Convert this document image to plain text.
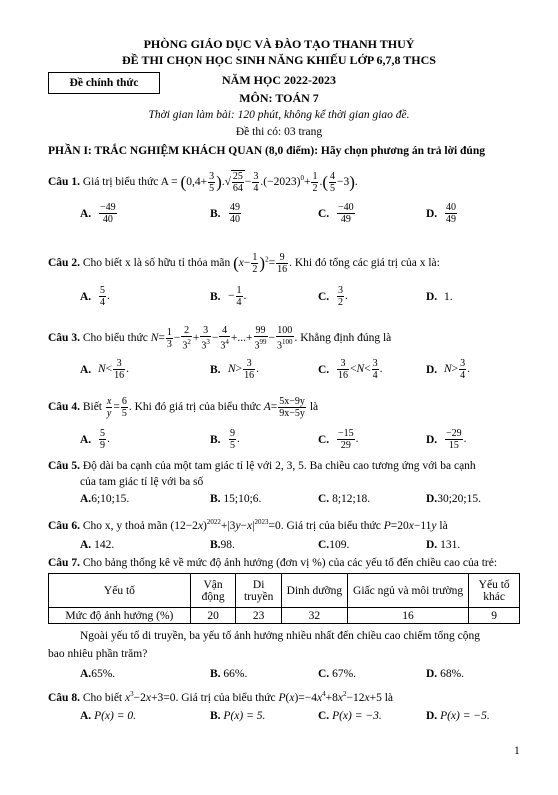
PHÒNG GIÁO DỤC VÀ ĐÀO TẠO THANH THUỶ
ĐỀ THI CHỌN HỌC SINH NĂNG KHIẾU LỚP 6,7,8 THCS
Đề chính thức	NĂM HỌC 2022-2023
MÔN: TOÁN 7
Thời gian làm bài: 120 phút, không kể thời gian giao đề.
Đề thi có: 03 trang
PHẦN I: TRẮC NGHIỆM KHÁCH QUAN (8,0 điểm): Hãy chọn phương án trả lời đúng
Câu 1. Giá trị biểu thức $A = (0,4+ \frac{3}{5}$ ).√ $\frac{25}{64} - \frac{3}{4} .(-2023)^0+ \frac{1}{2}$ .( $\frac{4}{5} -3$).
A. $\frac{-49}{40}$	B. $\frac{49}{40}$	C. $\frac{-40}{49}$	D. $\frac{40}{49}$
Câu 2. Cho biết x là số hữu tỉ thỏa mãn $(x- \frac{1}{2} )^2= \frac{9}{16}$ . Khi đó tổng các giá trị của x là:
A. $\frac{5}{4}$ .	B. − $\frac{1}{4}$ .	C. $\frac{3}{2}$ .	D. 1.
Câu 3. Cho biểu thức $N= \frac{1}{3} - \frac{2}{3^2} + \frac{3}{3^3} - \frac{4}{3^4}$ +...+ $\frac{99}{3^{99}} - \frac{100}{3^{100}}$ . Khẳng định đúng là
A. $N< \frac{3}{16}$ .	B. $N> \frac{3}{16}$ .	C. $\frac{3}{16} <N< \frac{3}{4}$ .	D. $N> \frac{3}{4}$ .
Câu 4. Biết $\frac{x}{y} = \frac{6}{5}$ . Khi đó giá trị của biểu thức $A= \frac{5x-9y}{9x-5y}$ là
A. $\frac{5}{9}$ .	B. $\frac{9}{5}$ .	C. $\frac{-15}{29}$ .	D. $\frac{-29}{15}$ .
Câu 5. Độ dài ba cạnh của một tam giác tỉ lệ với 2, 3, 5. Ba chiều cao tương ứng với ba cạnh
của tam giác tỉ lệ với ba số
A.6;10;15.	B. 15;10;6.	C. 8;12;18.	D.30;20;15.
Câu 6. Cho x, y thoả mãn $(12-2x)^{2022}+|3y-x|^{2023}=0$. Giá trị của biểu thức P=20x−11y là
A. 142.	B.98.	C.109.	D. 131.
Câu 7. Cho bảng thống kê về mức độ ảnh hưởng (đơn vị %) của các yếu tố đến chiều cao của trẻ:
Yếu tố	Vận động	Di truyền	Dinh dưỡng	Giấc ngủ và môi trường	Yếu tố khác
Mức độ ảnh hưởng (%)	20	23	32	16	9
Ngoài yếu tố di truyền, ba yếu tố ảnh hưởng nhiều nhất đến chiều cao chiếm tổng cộng
bao nhiêu phần trăm?
A.65%.	B. 66%.	C. 67%.	D. 68%.
Câu 8. Cho biết $x^3-2x+3=0$. Giá trị của biểu thức $P(x)=-4x^4+8x^2-12x+5$ là
A. P(x) = 0.	B. P(x) = 5.	C. P(x) = −3.	D. P(x) = −5.
1
